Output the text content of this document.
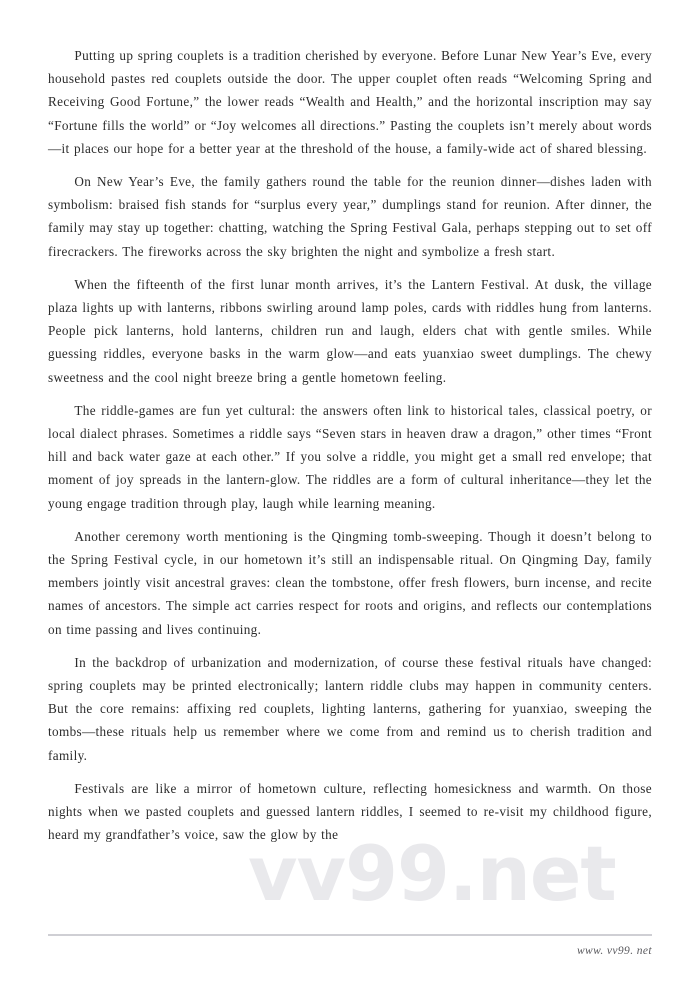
vv99.net

Putting up spring couplets is a tradition cherished by everyone. Before Lunar New Year’s Eve, every household pastes red couplets outside the door. The upper couplet often reads “Welcoming Spring and Receiving Good Fortune,” the lower reads “Wealth and Health,” and the horizontal inscription may say “Fortune fills the world” or “Joy welcomes all directions.” Pasting the couplets isn’t merely about words—it places our hope for a better year at the threshold of the house, a family-wide act of shared blessing.

On New Year’s Eve, the family gathers round the table for the reunion dinner—dishes laden with symbolism: braised fish stands for “surplus every year,” dumplings stand for reunion. After dinner, the family may stay up together: chatting, watching the Spring Festival Gala, perhaps stepping out to set off firecrackers. The fireworks across the sky brighten the night and symbolize a fresh start.

When the fifteenth of the first lunar month arrives, it’s the Lantern Festival. At dusk, the village plaza lights up with lanterns, ribbons swirling around lamp poles, cards with riddles hung from lanterns. People pick lanterns, hold lanterns, children run and laugh, elders chat with gentle smiles. While guessing riddles, everyone basks in the warm glow—and eats yuanxiao sweet dumplings. The chewy sweetness and the cool night breeze bring a gentle hometown feeling.

The riddle-games are fun yet cultural: the answers often link to historical tales, classical poetry, or local dialect phrases. Sometimes a riddle says “Seven stars in heaven draw a dragon,” other times “Front hill and back water gaze at each other.” If you solve a riddle, you might get a small red envelope; that moment of joy spreads in the lantern-glow. The riddles are a form of cultural inheritance—they let the young engage tradition through play, laugh while learning meaning.

Another ceremony worth mentioning is the Qingming tomb-sweeping. Though it doesn’t belong to the Spring Festival cycle, in our hometown it’s still an indispensable ritual. On Qingming Day, family members jointly visit ancestral graves: clean the tombstone, offer fresh flowers, burn incense, and recite names of ancestors. The simple act carries respect for roots and origins, and reflects our contemplations on time passing and lives continuing.

In the backdrop of urbanization and modernization, of course these festival rituals have changed: spring couplets may be printed electronically; lantern riddle clubs may happen in community centers. But the core remains: affixing red couplets, lighting lanterns, gathering for yuanxiao, sweeping the tombs—these rituals help us remember where we come from and remind us to cherish tradition and family.

Festivals are like a mirror of hometown culture, reflecting homesickness and warmth. On those nights when we pasted couplets and guessed lantern riddles, I seemed to re-visit my childhood figure, heard my grandfather’s voice, saw the glow by the

www. vv99. net
